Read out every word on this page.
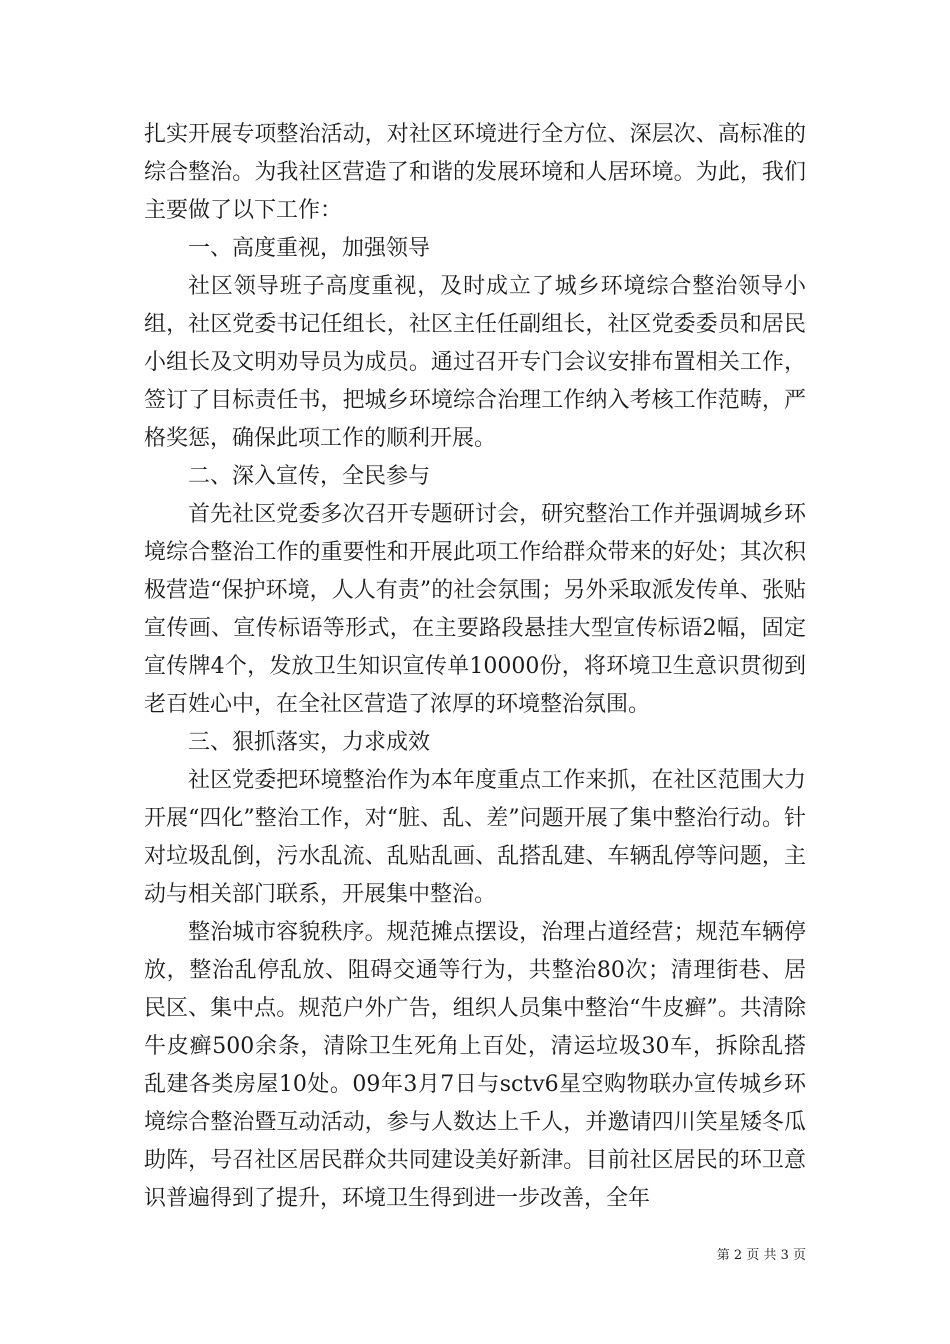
扎实开展专项整治活动，对社区环境进行全方位、深层次、高标准的综合整治。为我社区营造了和谐的发展环境和人居环境。为此，我们主要做了以下工作：

一、高度重视，加强领导

社区领导班子高度重视，及时成立了城乡环境综合整治领导小组，社区党委书记任组长，社区主任任副组长，社区党委委员和居民小组长及文明劝导员为成员。通过召开专门会议安排布置相关工作，签订了目标责任书，把城乡环境综合治理工作纳入考核工作范畴，严格奖惩，确保此项工作的顺利开展。

二、深入宣传，全民参与

首先社区党委多次召开专题研讨会，研究整治工作并强调城乡环境综合整治工作的重要性和开展此项工作给群众带来的好处；其次积极营造“保护环境，人人有责”的社会氛围；另外采取派发传单、张贴宣传画、宣传标语等形式，在主要路段悬挂大型宣传标语2幅，固定宣传牌4个，发放卫生知识宣传单10000份，将环境卫生意识贯彻到老百姓心中，在全社区营造了浓厚的环境整治氛围。

三、狠抓落实，力求成效

社区党委把环境整治作为本年度重点工作来抓，在社区范围大力开展“四化”整治工作，对“脏、乱、差”问题开展了集中整治行动。针对垃圾乱倒，污水乱流、乱贴乱画、乱搭乱建、车辆乱停等问题，主动与相关部门联系，开展集中整治。

整治城市容貌秩序。规范摊点摆设，治理占道经营；规范车辆停放，整治乱停乱放、阻碍交通等行为，共整治80次；清理街巷、居民区、集中点。规范户外广告，组织人员集中整治“牛皮癣”。共清除牛皮癣500余条，清除卫生死角上百处，清运垃圾30车，拆除乱搭乱建各类房屋10处。09年3月7日与sctv6星空购物联办宣传城乡环境综合整治暨互动活动，参与人数达上千人，并邀请四川笑星矮冬瓜助阵，号召社区居民群众共同建设美好新津。目前社区居民的环卫意识普遍得到了提升，环境卫生得到进一步改善，全年

第 2 页 共 3 页
